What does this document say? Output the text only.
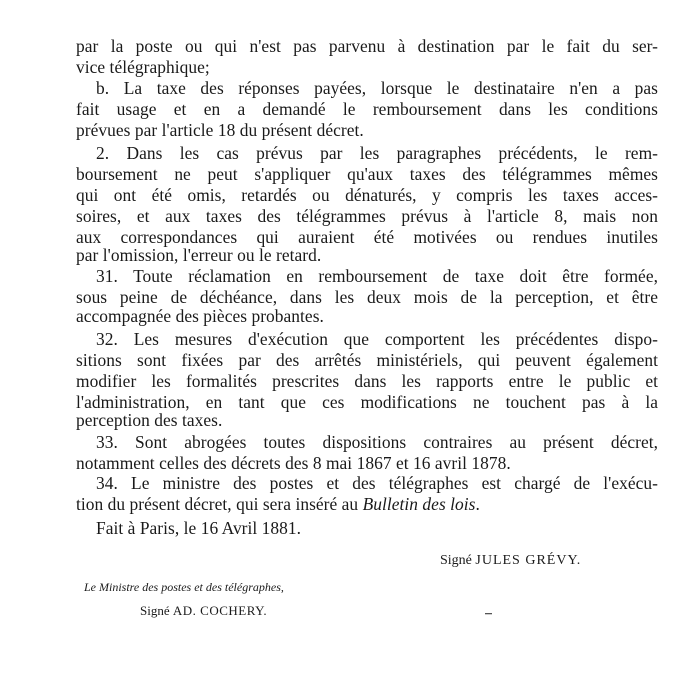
par la poste ou qui n'est pas parvenu à destination par le fait du ser-
vice télégraphique;
b. La taxe des réponses payées, lorsque le destinataire n'en a pas
fait usage et en a demandé le remboursement dans les conditions
prévues par l'article 18 du présent décret.
2. Dans les cas prévus par les paragraphes précédents, le rem-
boursement ne peut s'appliquer qu'aux taxes des télégrammes mêmes
qui ont été omis, retardés ou dénaturés, y compris les taxes acces-
soires, et aux taxes des télégrammes prévus à l'article 8, mais non
aux correspondances qui auraient été motivées ou rendues inutiles
par l'omission, l'erreur ou le retard.
31. Toute réclamation en remboursement de taxe doit être formée,
sous peine de déchéance, dans les deux mois de la perception, et être
accompagnée des pièces probantes.
32. Les mesures d'exécution que comportent les précédentes dispo-
sitions sont fixées par des arrêtés ministériels, qui peuvent également
modifier les formalités prescrites dans les rapports entre le public et
l'administration, en tant que ces modifications ne touchent pas à la
perception des taxes.
33. Sont abrogées toutes dispositions contraires au présent décret,
notamment celles des décrets des 8 mai 1867 et 16 avril 1878.
34. Le ministre des postes et des télégraphes est chargé de l'exécu-
tion du présent décret, qui sera inséré au Bulletin des lois.
Fait à Paris, le 16 Avril 1881.
Signé JULES GRÉVY.
Le Ministre des postes et des télégraphes,
Signé AD. COCHERY.
